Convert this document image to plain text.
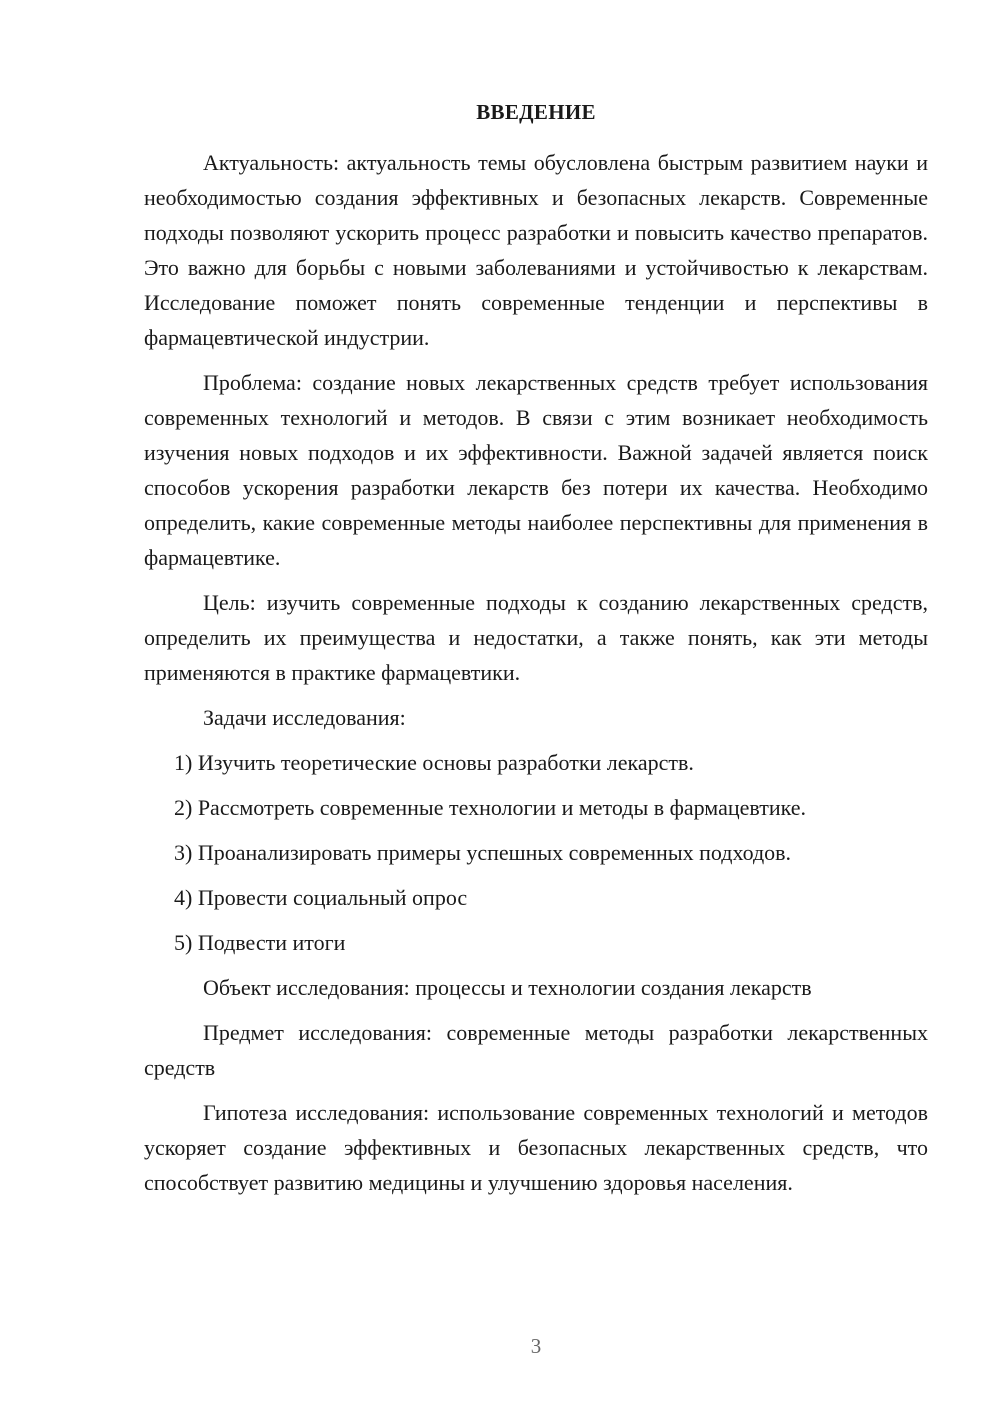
ВВЕДЕНИЕ

Актуальность: актуальность темы обусловлена быстрым развитием науки и необходимостью создания эффективных и безопасных лекарств. Современные подходы позволяют ускорить процесс разработки и повысить качество препаратов. Это важно для борьбы с новыми заболеваниями и устойчивостью к лекарствам. Исследование поможет понять современные тенденции и перспективы в фармацевтической индустрии.

Проблема: создание новых лекарственных средств требует использования современных технологий и методов. В связи с этим возникает необходимость изучения новых подходов и их эффективности. Важной задачей является поиск способов ускорения разработки лекарств без потери их качества. Необходимо определить, какие современные методы наиболее перспективны для применения в фармацевтике.

Цель: изучить современные подходы к созданию лекарственных средств, определить их преимущества и недостатки, а также понять, как эти методы применяются в практике фармацевтики.

Задачи исследования:

1) Изучить теоретические основы разработки лекарств.

2) Рассмотреть современные технологии и методы в фармацевтике.

3) Проанализировать примеры успешных современных подходов.

4) Провести социальный опрос

5) Подвести итоги

Объект исследования: процессы и технологии создания лекарств

Предмет исследования: современные методы разработки лекарственных средств

Гипотеза исследования: использование современных технологий и методов ускоряет создание эффективных и безопасных лекарственных средств, что способствует развитию медицины и улучшению здоровья населения.

3
